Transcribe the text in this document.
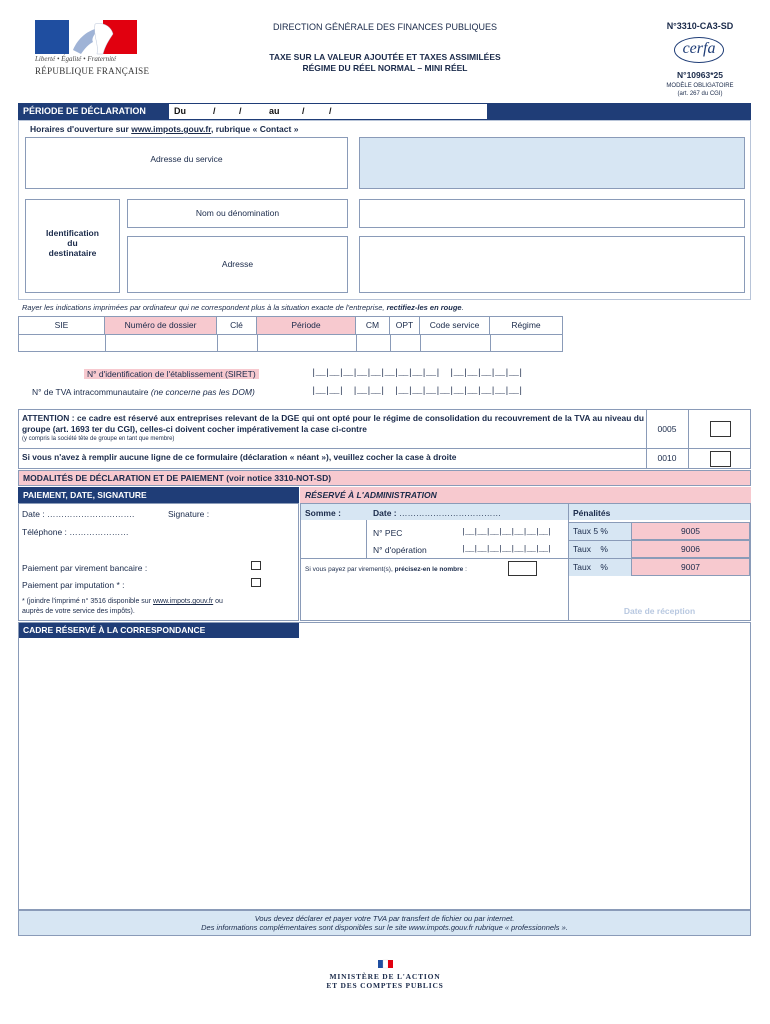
Liberté • Égalité • Fraternité
RÉPUBLIQUE FRANÇAISE
DIRECTION GÉNÉRALE DES FINANCES PUBLIQUES
TAXE SUR LA VALEUR AJOUTÉE ET TAXES ASSIMILÉES
RÉGIME DU RÉEL NORMAL – MINI RÉEL
N°3310-CA3-SD
cerfa
N°10963*25
MODÈLE OBLIGATOIRE
(art. 267 du CGI)
PÉRIODE DE DÉCLARATION	Du	/	/	au /	/
Horaires d'ouverture sur www.impots.gouv.fr, rubrique « Contact »
Adresse du service
Identification
du
destinataire
Nom ou dénomination
Adresse
Rayer les indications imprimées par ordinateur qui ne correspondent plus à la situation exacte de l'entreprise, rectifiez-les en rouge.
SIE	Numéro de dossier	Clé	Période	CM	OPT	Code service	Régime
N° d'identification de l'établissement (SIRET)	|__|__|__|__|__|__|__|__|__|  |__|__|__|__|__|
N° de TVA intracommunautaire (ne concerne pas les DOM)	|__|__|  |__|__|  |__|__|__|__|__|__|__|__|__|
ATTENTION : ce cadre est réservé aux entreprises relevant de la DGE qui ont opté pour le régime de consolidation du recouvrement de la TVA au niveau du groupe (art. 1693 ter du CGI), celles-ci doivent cocher impérativement la case ci-contre
(y compris la société tête de groupe en tant que membre)
0005
Si vous n'avez à remplir aucune ligne de ce formulaire (déclaration « néant »), veuillez cocher la case à droite	0010
MODALITÉS DE DÉCLARATION ET DE PAIEMENT (voir notice 3310-NOT-SD)
PAIEMENT, DATE, SIGNATURE
Date : ………………………….	Signature :
Téléphone : …………………
Paiement par virement bancaire :
Paiement par imputation * :
* (joindre l'imprimé n° 3516 disponible sur www.impots.gouv.fr ou
auprès de votre service des impôts).
RÉSERVÉ À L'ADMINISTRATION
Somme :	Date : ………………………………
N° PEC	|__|__|__|__|__|__|__|
N° d'opération	|__|__|__|__|__|__|__|
Si vous payez par virement(s), précisez-en le nombre :
Pénalités
Taux 5 %	9005
Taux    %	9006
Taux    %	9007
Date de réception
CADRE RÉSERVÉ À LA CORRESPONDANCE
Vous devez déclarer et payer votre TVA par transfert de fichier ou par internet.
Des informations complémentaires sont disponibles sur le site www.impots.gouv.fr rubrique « professionnels ».
MINISTÈRE DE L'ACTION
ET DES COMPTES PUBLICS
